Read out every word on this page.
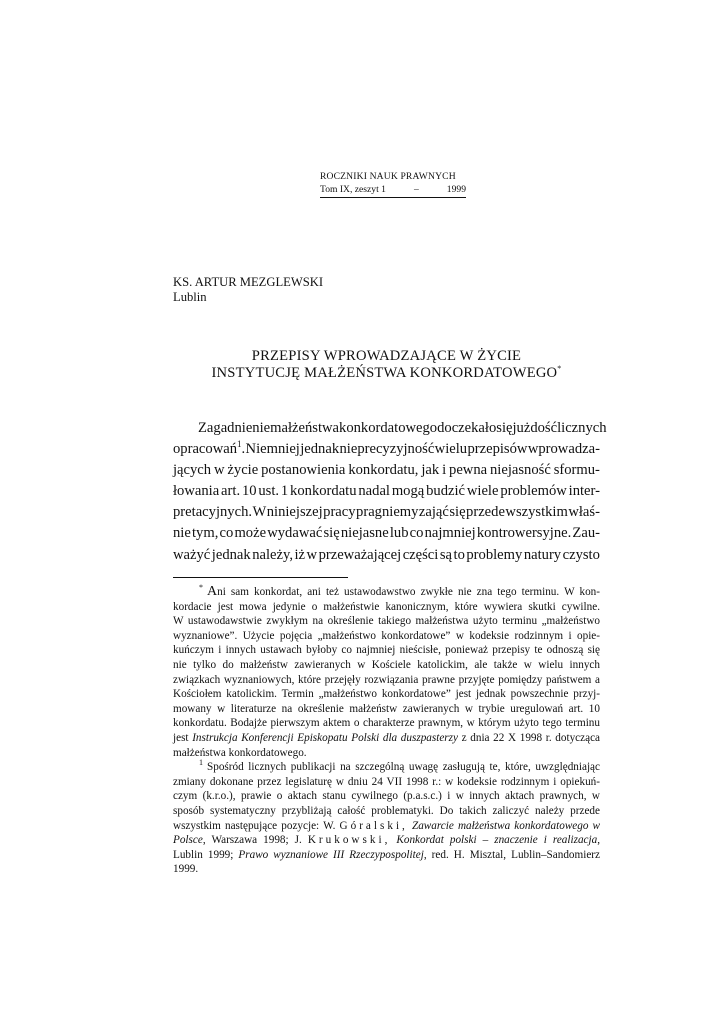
ROCZNIKI NAUK PRAWNYCH
Tom IX, zeszyt 1	–	1999
KS. ARTUR MEZGLEWSKI
Lublin
PRZEPISY WPROWADZAJĄCE W ŻYCIE
INSTYTUCJĘ MAŁŻEŃSTWA KONKORDATOWEGO*
Zagadnienie małżeństwa konkordatowego doczekało się już dość licznych
opracowań$^1$. Niemniej jednak nieprecyzyjność wielu przepisów wprowadza-
jących w życie postanowienia konkordatu, jak i pewna niejasność sformu-
łowania art. 10 ust. 1 konkordatu nadal mogą budzić wiele problemów inter-
pretacyjnych. W niniejszej pracy pragniemy zająć się przede wszystkim właś-
nie tym, co może wydawać się niejasne lub co najmniej kontrowersyjne. Zau-
ważyć jednak należy, iż w przeważającej części są to problemy natury czysto
* Ani sam konkordat, ani też ustawodawstwo zwykłe nie zna tego terminu. W kon-
kordacie jest mowa jedynie o małżeństwie kanonicznym, które wywiera skutki cywilne.
W ustawodawstwie zwykłym na określenie takiego małżeństwa użyto terminu „małżeństwo
wyznaniowe”. Użycie pojęcia „małżeństwo konkordatowe” w kodeksie rodzinnym i opie-
kuńczym i innych ustawach byłoby co najmniej nieścisłe, ponieważ przepisy te odnoszą się
nie tylko do małżeństw zawieranych w Kościele katolickim, ale także w wielu innych
związkach wyznaniowych, które przejęły rozwiązania prawne przyjęte pomiędzy państwem a
Kościołem katolickim. Termin „małżeństwo konkordatowe” jest jednak powszechnie przyj-
mowany w literaturze na określenie małżeństw zawieranych w trybie uregulowań art. 10
konkordatu. Bodajże pierwszym aktem o charakterze prawnym, w którym użyto tego terminu
jest Instrukcja Konferencji Episkopatu Polski dla duszpasterzy z dnia 22 X 1998 r. dotycząca
małżeństwa konkordatowego.
$^1$ Spośród licznych publikacji na szczególną uwagę zasługują te, które, uwzględniając
zmiany dokonane przez legislaturę w dniu 24 VII 1998 r.: w kodeksie rodzinnym i opiekuń-
czym (k.r.o.), prawie o aktach stanu cywilnego (p.a.s.c.) i w innych aktach prawnych, w
sposób systematyczny przybliżają całość problematyki. Do takich zaliczyć należy przede
wszystkim następujące pozycje: W. Góralski, Zawarcie małżeństwa konkordatowego w
Polsce, Warszawa 1998; J. Krukowski, Konkordat polski – znaczenie i realizacja,
Lublin 1999; Prawo wyznaniowe III Rzeczypospolitej, red. H. Misztal, Lublin–Sandomierz
1999.
